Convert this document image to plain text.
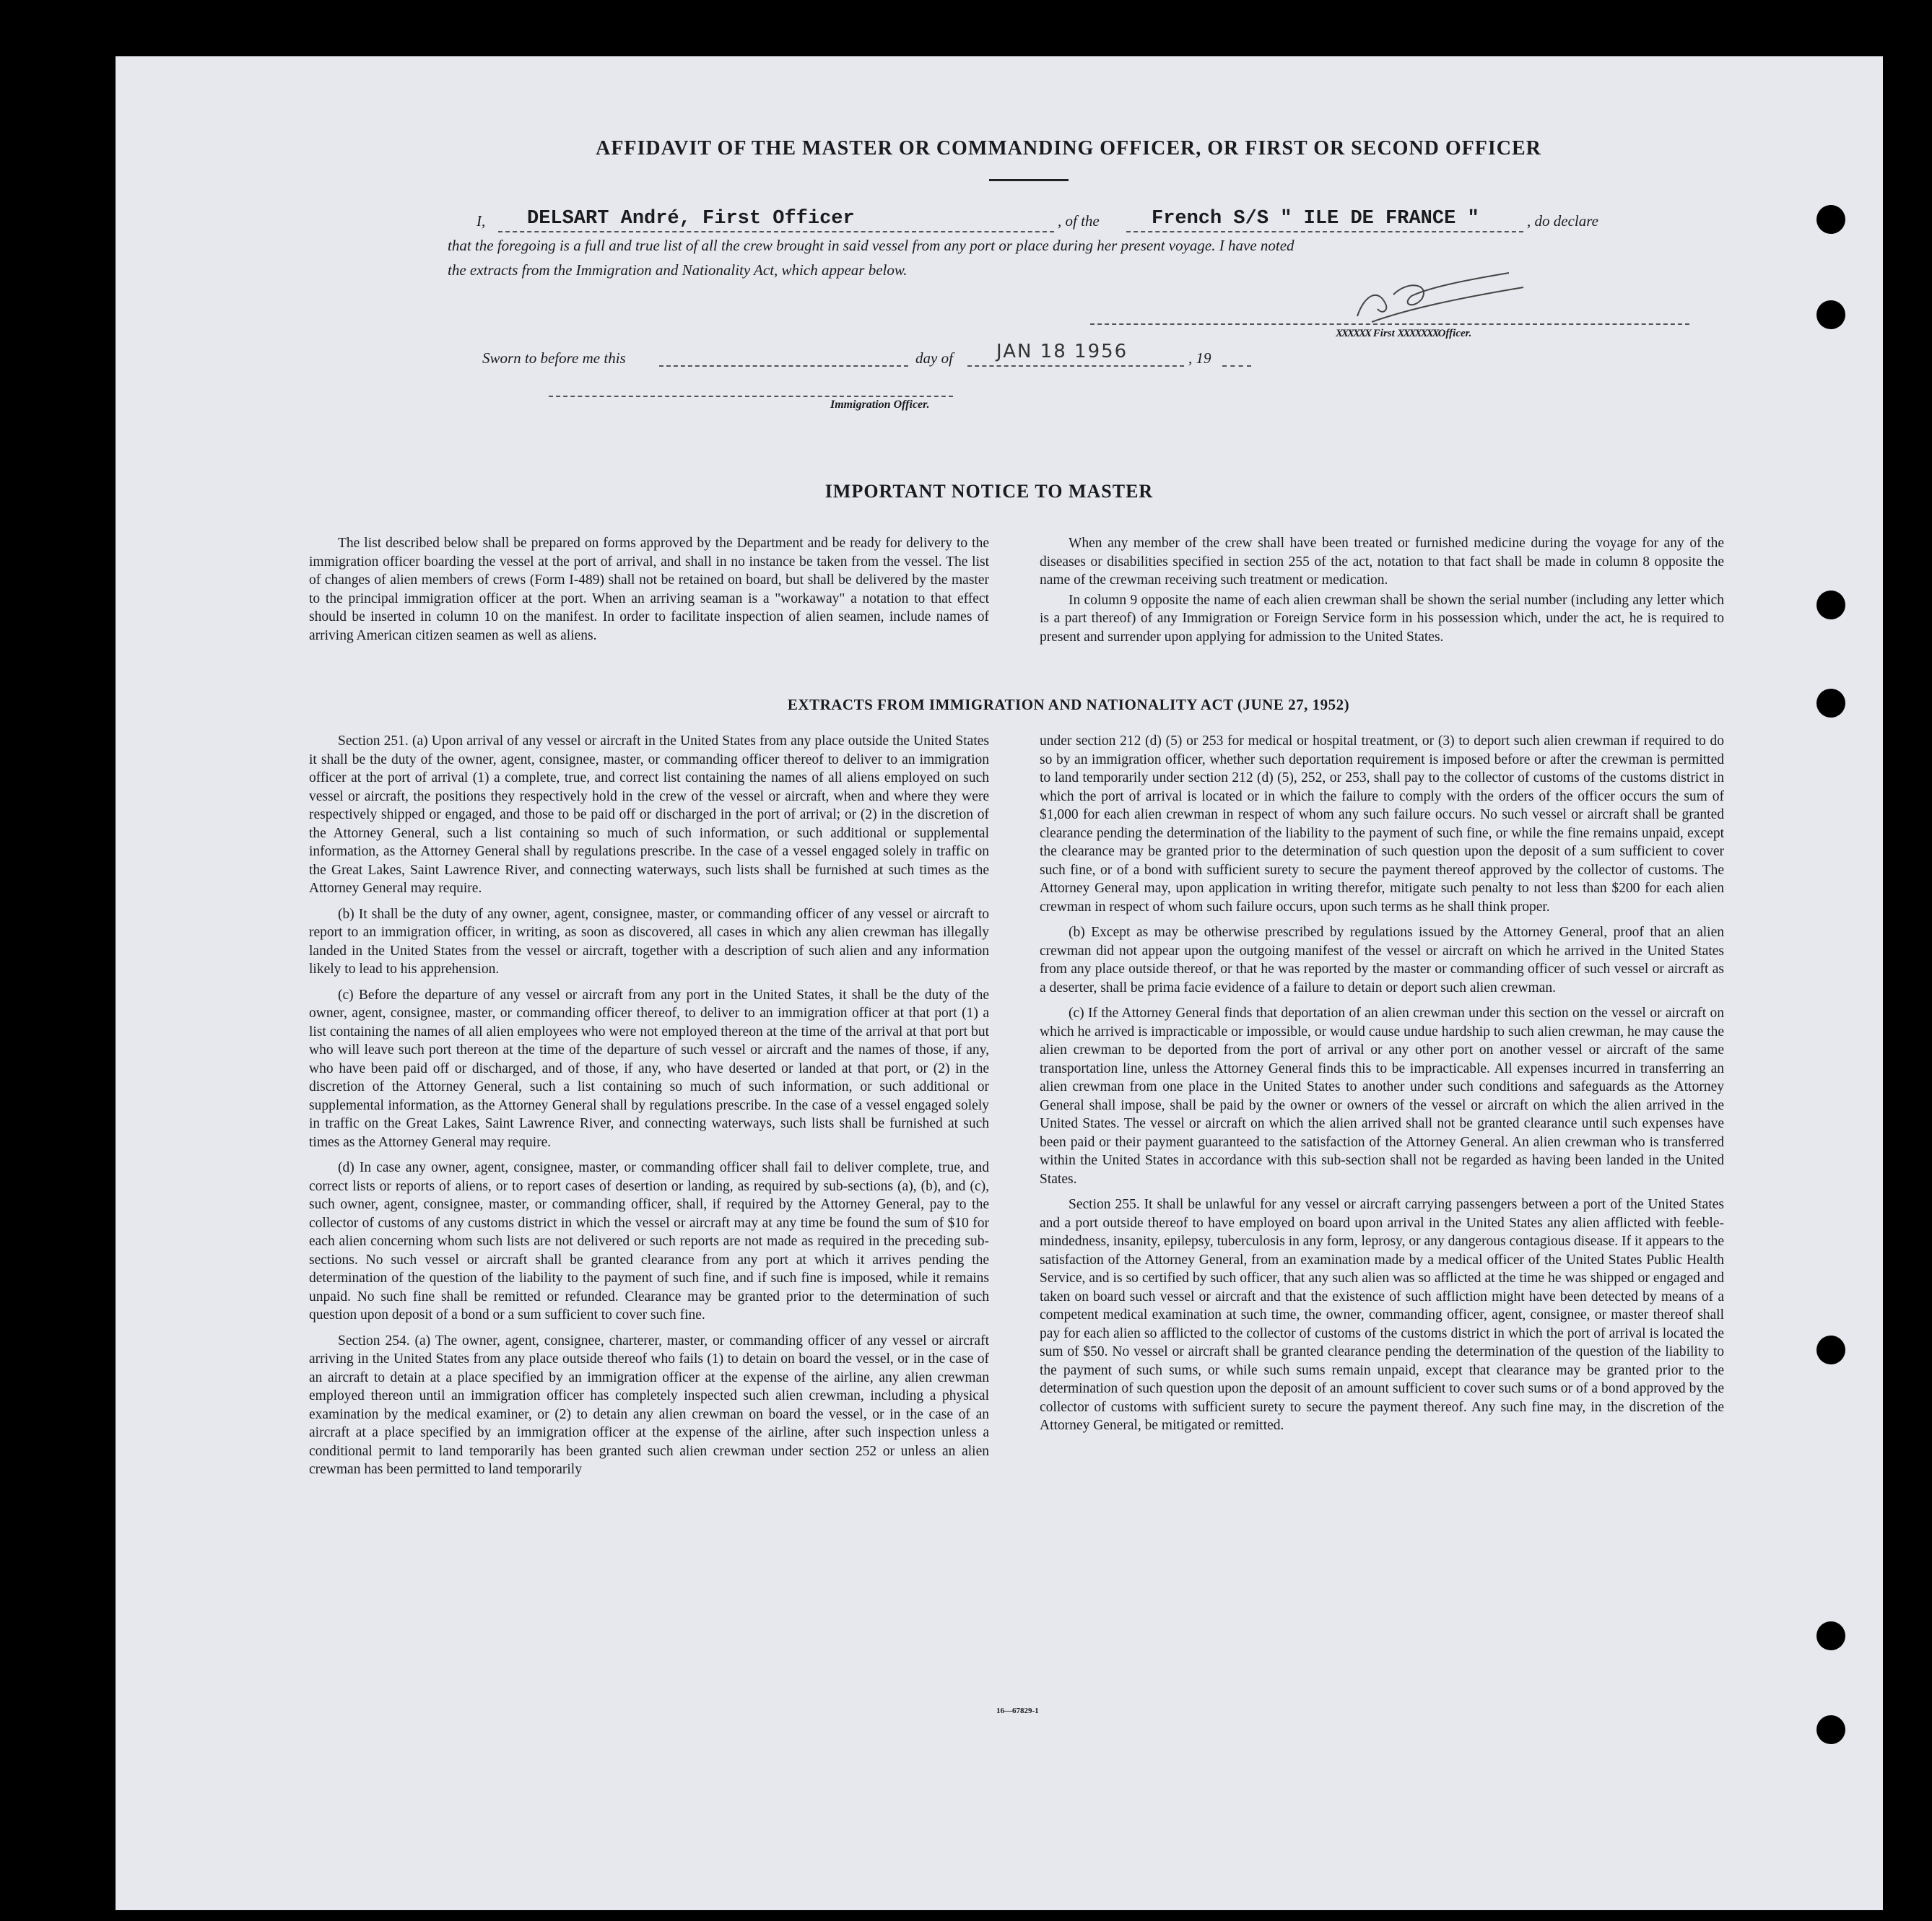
AFFIDAVIT OF THE MASTER OR COMMANDING OFFICER, OR FIRST OR SECOND OFFICER
I, DELSART André, First Officer	, of the	French S/S " ILE DE FRANCE "	, do declare
that the foregoing is a full and true list of all the crew brought in said vessel from any port or place during her present voyage. I have noted
the extracts from the Immigration and Nationality Act, which appear below.
XXXXXX First XXXXXXXOfficer.
Sworn to before me this	day of JAN 18 1956	, 19
Immigration Officer.
IMPORTANT NOTICE TO MASTER

The list described below shall be prepared on forms approved by the Department and be ready for delivery to the immigration officer boarding the vessel at the port of arrival, and shall in no instance be taken from the vessel. The list of changes of alien members of crews (Form I-489) shall not be retained on board, but shall be delivered by the master to the principal immigration officer at the port. When an arriving seaman is a "workaway" a notation to that effect should be inserted in column 10 on the manifest. In order to facilitate inspection of alien seamen, include names of arriving American citizen seamen as well as aliens.

When any member of the crew shall have been treated or furnished medicine during the voyage for any of the diseases or disabilities specified in section 255 of the act, notation to that fact shall be made in column 8 opposite the name of the crewman receiving such treatment or medication.

In column 9 opposite the name of each alien crewman shall be shown the serial number (including any letter which is a part thereof) of any Immigration or Foreign Service form in his possession which, under the act, he is required to present and surrender upon applying for admission to the United States.

EXTRACTS FROM IMMIGRATION AND NATIONALITY ACT (JUNE 27, 1952)

Section 251. (a) Upon arrival of any vessel or aircraft in the United States from any place outside the United States it shall be the duty of the owner, agent, consignee, master, or commanding officer thereof to deliver to an immigration officer at the port of arrival (1) a complete, true, and correct list containing the names of all aliens employed on such vessel or aircraft, the positions they respectively hold in the crew of the vessel or aircraft, when and where they were respectively shipped or engaged, and those to be paid off or discharged in the port of arrival; or (2) in the discretion of the Attorney General, such a list containing so much of such information, or such additional or supplemental information, as the Attorney General shall by regulations prescribe. In the case of a vessel engaged solely in traffic on the Great Lakes, Saint Lawrence River, and connecting waterways, such lists shall be furnished at such times as the Attorney General may require.

(b) It shall be the duty of any owner, agent, consignee, master, or commanding officer of any vessel or aircraft to report to an immigration officer, in writing, as soon as discovered, all cases in which any alien crewman has illegally landed in the United States from the vessel or aircraft, together with a description of such alien and any information likely to lead to his apprehension.

(c) Before the departure of any vessel or aircraft from any port in the United States, it shall be the duty of the owner, agent, consignee, master, or commanding officer thereof, to deliver to an immigration officer at that port (1) a list containing the names of all alien employees who were not employed thereon at the time of the arrival at that port but who will leave such port thereon at the time of the departure of such vessel or aircraft and the names of those, if any, who have been paid off or discharged, and of those, if any, who have deserted or landed at that port, or (2) in the discretion of the Attorney General, such a list containing so much of such information, or such additional or supplemental information, as the Attorney General shall by regulations prescribe. In the case of a vessel engaged solely in traffic on the Great Lakes, Saint Lawrence River, and connecting waterways, such lists shall be furnished at such times as the Attorney General may require.

(d) In case any owner, agent, consignee, master, or commanding officer shall fail to deliver complete, true, and correct lists or reports of aliens, or to report cases of desertion or landing, as required by sub-sections (a), (b), and (c), such owner, agent, consignee, master, or commanding officer, shall, if required by the Attorney General, pay to the collector of customs of any customs district in which the vessel or aircraft may at any time be found the sum of $10 for each alien concerning whom such lists are not delivered or such reports are not made as required in the preceding sub-sections. No such vessel or aircraft shall be granted clearance from any port at which it arrives pending the determination of the question of the liability to the payment of such fine, and if such fine is imposed, while it remains unpaid. No such fine shall be remitted or refunded. Clearance may be granted prior to the determination of such question upon deposit of a bond or a sum sufficient to cover such fine.

Section 254. (a) The owner, agent, consignee, charterer, master, or commanding officer of any vessel or aircraft arriving in the United States from any place outside thereof who fails (1) to detain on board the vessel, or in the case of an aircraft to detain at a place specified by an immigration officer at the expense of the airline, any alien crewman employed thereon until an immigration officer has completely inspected such alien crewman, including a physical examination by the medical examiner, or (2) to detain any alien crewman on board the vessel, or in the case of an aircraft at a place specified by an immigration officer at the expense of the airline, after such inspection unless a conditional permit to land temporarily has been granted such alien crewman under section 252 or unless an alien crewman has been permitted to land temporarily

under section 212 (d) (5) or 253 for medical or hospital treatment, or (3) to deport such alien crewman if required to do so by an immigration officer, whether such deportation requirement is imposed before or after the crewman is permitted to land temporarily under section 212 (d) (5), 252, or 253, shall pay to the collector of customs of the customs district in which the port of arrival is located or in which the failure to comply with the orders of the officer occurs the sum of $1,000 for each alien crewman in respect of whom any such failure occurs. No such vessel or aircraft shall be granted clearance pending the determination of the liability to the payment of such fine, or while the fine remains unpaid, except the clearance may be granted prior to the determination of such question upon the deposit of a sum sufficient to cover such fine, or of a bond with sufficient surety to secure the payment thereof approved by the collector of customs. The Attorney General may, upon application in writing therefor, mitigate such penalty to not less than $200 for each alien crewman in respect of whom such failure occurs, upon such terms as he shall think proper.

(b) Except as may be otherwise prescribed by regulations issued by the Attorney General, proof that an alien crewman did not appear upon the outgoing manifest of the vessel or aircraft on which he arrived in the United States from any place outside thereof, or that he was reported by the master or commanding officer of such vessel or aircraft as a deserter, shall be prima facie evidence of a failure to detain or deport such alien crewman.

(c) If the Attorney General finds that deportation of an alien crewman under this section on the vessel or aircraft on which he arrived is impracticable or impossible, or would cause undue hardship to such alien crewman, he may cause the alien crewman to be deported from the port of arrival or any other port on another vessel or aircraft of the same transportation line, unless the Attorney General finds this to be impracticable. All expenses incurred in transferring an alien crewman from one place in the United States to another under such conditions and safeguards as the Attorney General shall impose, shall be paid by the owner or owners of the vessel or aircraft on which the alien arrived in the United States. The vessel or aircraft on which the alien arrived shall not be granted clearance until such expenses have been paid or their payment guaranteed to the satisfaction of the Attorney General. An alien crewman who is transferred within the United States in accordance with this sub-section shall not be regarded as having been landed in the United States.

Section 255. It shall be unlawful for any vessel or aircraft carrying passengers between a port of the United States and a port outside thereof to have employed on board upon arrival in the United States any alien afflicted with feeble-mindedness, insanity, epilepsy, tuberculosis in any form, leprosy, or any dangerous contagious disease. If it appears to the satisfaction of the Attorney General, from an examination made by a medical officer of the United States Public Health Service, and is so certified by such officer, that any such alien was so afflicted at the time he was shipped or engaged and taken on board such vessel or aircraft and that the existence of such affliction might have been detected by means of a competent medical examination at such time, the owner, commanding officer, agent, consignee, or master thereof shall pay for each alien so afflicted to the collector of customs of the customs district in which the port of arrival is located the sum of $50. No vessel or aircraft shall be granted clearance pending the determination of the question of the liability to the payment of such sums, or while such sums remain unpaid, except that clearance may be granted prior to the determination of such question upon the deposit of an amount sufficient to cover such sums or of a bond approved by the collector of customs with sufficient surety to secure the payment thereof. Any such fine may, in the discretion of the Attorney General, be mitigated or remitted.

16—67829-1
